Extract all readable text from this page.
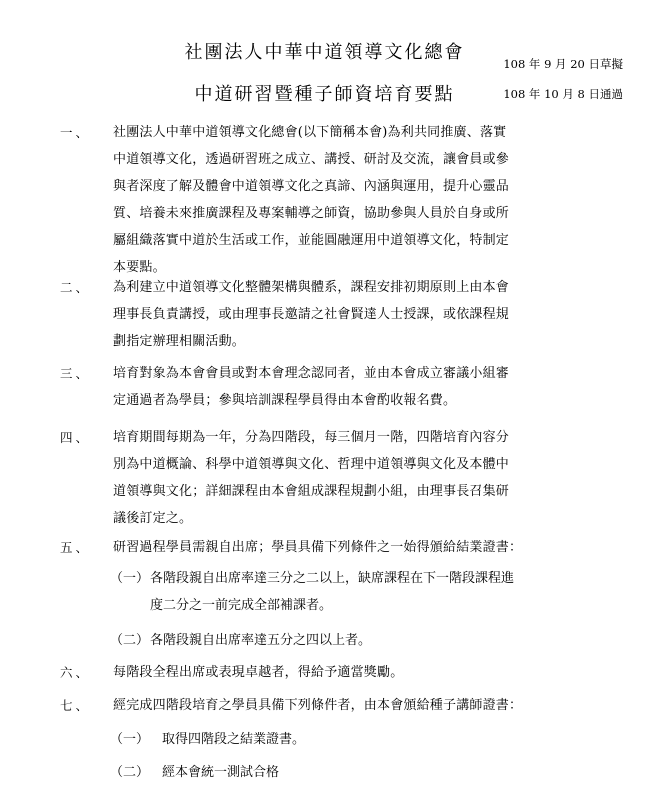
社團法人中華中道領導文化總會
中道研習暨種子師資培育要點
108 年 9 月 20 日草擬
108 年 10 月 8 日通過
一、 社團法人中華中道領導文化總會(以下簡稱本會)為利共同推廣、落實
中道領導文化，透過研習班之成立、講授、研討及交流，讓會員或參
與者深度了解及體會中道領導文化之真諦、內涵與運用，提升心靈品
質、培養未來推廣課程及專案輔導之師資，協助參與人員於自身或所
屬組織落實中道於生活或工作，並能圓融運用中道領導文化，特制定
本要點。
二、 為利建立中道領導文化整體架構與體系，課程安排初期原則上由本會
理事長負責講授，或由理事長邀請之社會賢達人士授課，或依課程規
劃指定辦理相關活動。
三、 培育對象為本會會員或對本會理念認同者，並由本會成立審議小組審
定通過者為學員；參與培訓課程學員得由本會酌收報名費。
四、 培育期間每期為一年，分為四階段，每三個月一階，四階培育內容分
別為中道概論、科學中道領導與文化、哲理中道領導與文化及本體中
道領導與文化；詳細課程由本會組成課程規劃小組，由理事長召集研
議後訂定之。
五、 研習過程學員需親自出席；學員具備下列條件之一始得頒給結業證書：
（一） 各階段親自出席率達三分之二以上，缺席課程在下一階段課程進
度二分之一前完成全部補課者。
（二） 各階段親自出席率達五分之四以上者。
六、 每階段全程出席或表現卓越者，得給予適當獎勵。
七、 經完成四階段培育之學員具備下列條件者，由本會頒給種子講師證書：
（一） 取得四階段之結業證書。
（二） 經本會統一測試合格
